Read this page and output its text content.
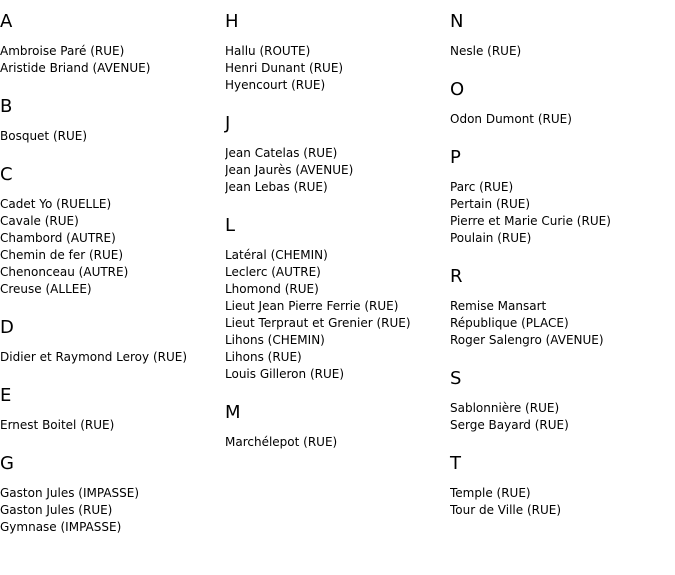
A
Ambroise Paré (RUE)
Aristide Briand (AVENUE)
B
Bosquet (RUE)
C
Cadet Yo (RUELLE)
Cavale (RUE)
Chambord (AUTRE)
Chemin de fer (RUE)
Chenonceau (AUTRE)
Creuse (ALLEE)
D
Didier et Raymond Leroy (RUE)
E
Ernest Boitel (RUE)
G
Gaston Jules (IMPASSE)
Gaston Jules (RUE)
Gymnase (IMPASSE)
H
Hallu (ROUTE)
Henri Dunant (RUE)
Hyencourt (RUE)
J
Jean Catelas (RUE)
Jean Jaurès (AVENUE)
Jean Lebas (RUE)
L
Latéral (CHEMIN)
Leclerc (AUTRE)
Lhomond (RUE)
Lieut Jean Pierre Ferrie (RUE)
Lieut Terpraut et Grenier (RUE)
Lihons (CHEMIN)
Lihons (RUE)
Louis Gilleron (RUE)
M
Marchélepot (RUE)
N
Nesle (RUE)
O
Odon Dumont (RUE)
P
Parc (RUE)
Pertain (RUE)
Pierre et Marie Curie (RUE)
Poulain (RUE)
R
Remise Mansart
République (PLACE)
Roger Salengro (AVENUE)
S
Sablonnière (RUE)
Serge Bayard (RUE)
T
Temple (RUE)
Tour de Ville (RUE)
